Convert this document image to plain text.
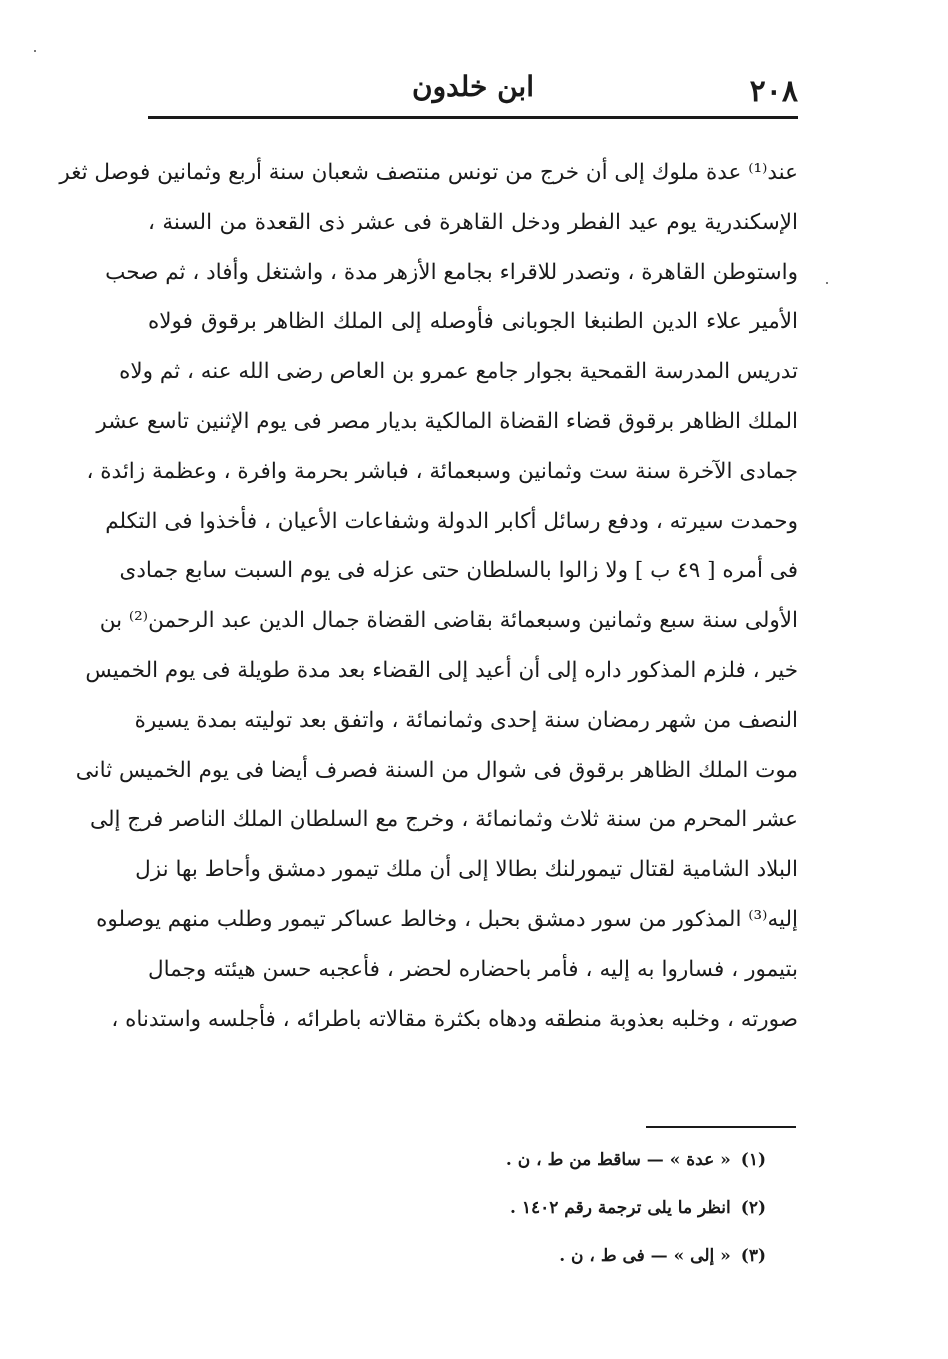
٢٠٨
ابن خلدون
عند⁽¹⁾ عدة ملوك إلى أن خرج من تونس منتصف شعبان سنة أربع وثمانين فوصل ثغر
الإسكندرية يوم عيد الفطر ودخل القاهرة فى عشر ذى القعدة من السنة ،
واستوطن القاهرة ، وتصدر للاقراء بجامع الأزهر مدة ، واشتغل وأفاد ، ثم صحب
الأمير علاء الدين الطنبغا الجوبانى فأوصله إلى الملك الظاهر برقوق فولاه
تدريس المدرسة القمحية بجوار جامع عمرو بن العاص رضى الله عنه ، ثم ولاه
الملك الظاهر برقوق قضاء القضاة المالكية بديار مصر فى يوم الإثنين تاسع عشر
جمادى الآخرة سنة ست وثمانين وسبعمائة ، فباشر بحرمة وافرة ، وعظمة زائدة ،
وحمدت سيرته ، ودفع رسائل أكابر الدولة وشفاعات الأعيان ، فأخذوا فى التكلم
فى أمره [ ٤٩ ب ] ولا زالوا بالسلطان حتى عزله فى يوم السبت سابع جمادى
الأولى سنة سبع وثمانين وسبعمائة بقاضى القضاة جمال الدين عبد الرحمن⁽²⁾ بن
خير ، فلزم المذكور داره إلى أن أعيد إلى القضاء بعد مدة طويلة فى يوم الخميس
النصف من شهر رمضان سنة إحدى وثمانمائة ، واتفق بعد توليته بمدة يسيرة
موت الملك الظاهر برقوق فى شوال من السنة فصرف أيضا فى يوم الخميس ثانى
عشر المحرم من سنة ثلاث وثمانمائة ، وخرج مع السلطان الملك الناصر فرج إلى
البلاد الشامية لقتال تيمورلنك بطالا إلى أن ملك تيمور دمشق وأحاط بها نزل
إليه⁽³⁾ المذكور من سور دمشق بحبل ، وخالط عساكر تيمور وطلب منهم يوصلوه
بتيمور ، فساروا به إليه ، فأمر باحضاره لحضر ، فأعجبه حسن هيئته وجمال
صورته ، وخلبه بعذوبة منطقه ودهاه بكثرة مقالاته باطرائه ، فأجلسه واستدناه ،
(١)« عدة » — ساقط من ط ، ن .
(٢)انظر ما يلى ترجمة رقم ١٤٠٢ .
(٣)« إلى » — فى ط ، ن .
